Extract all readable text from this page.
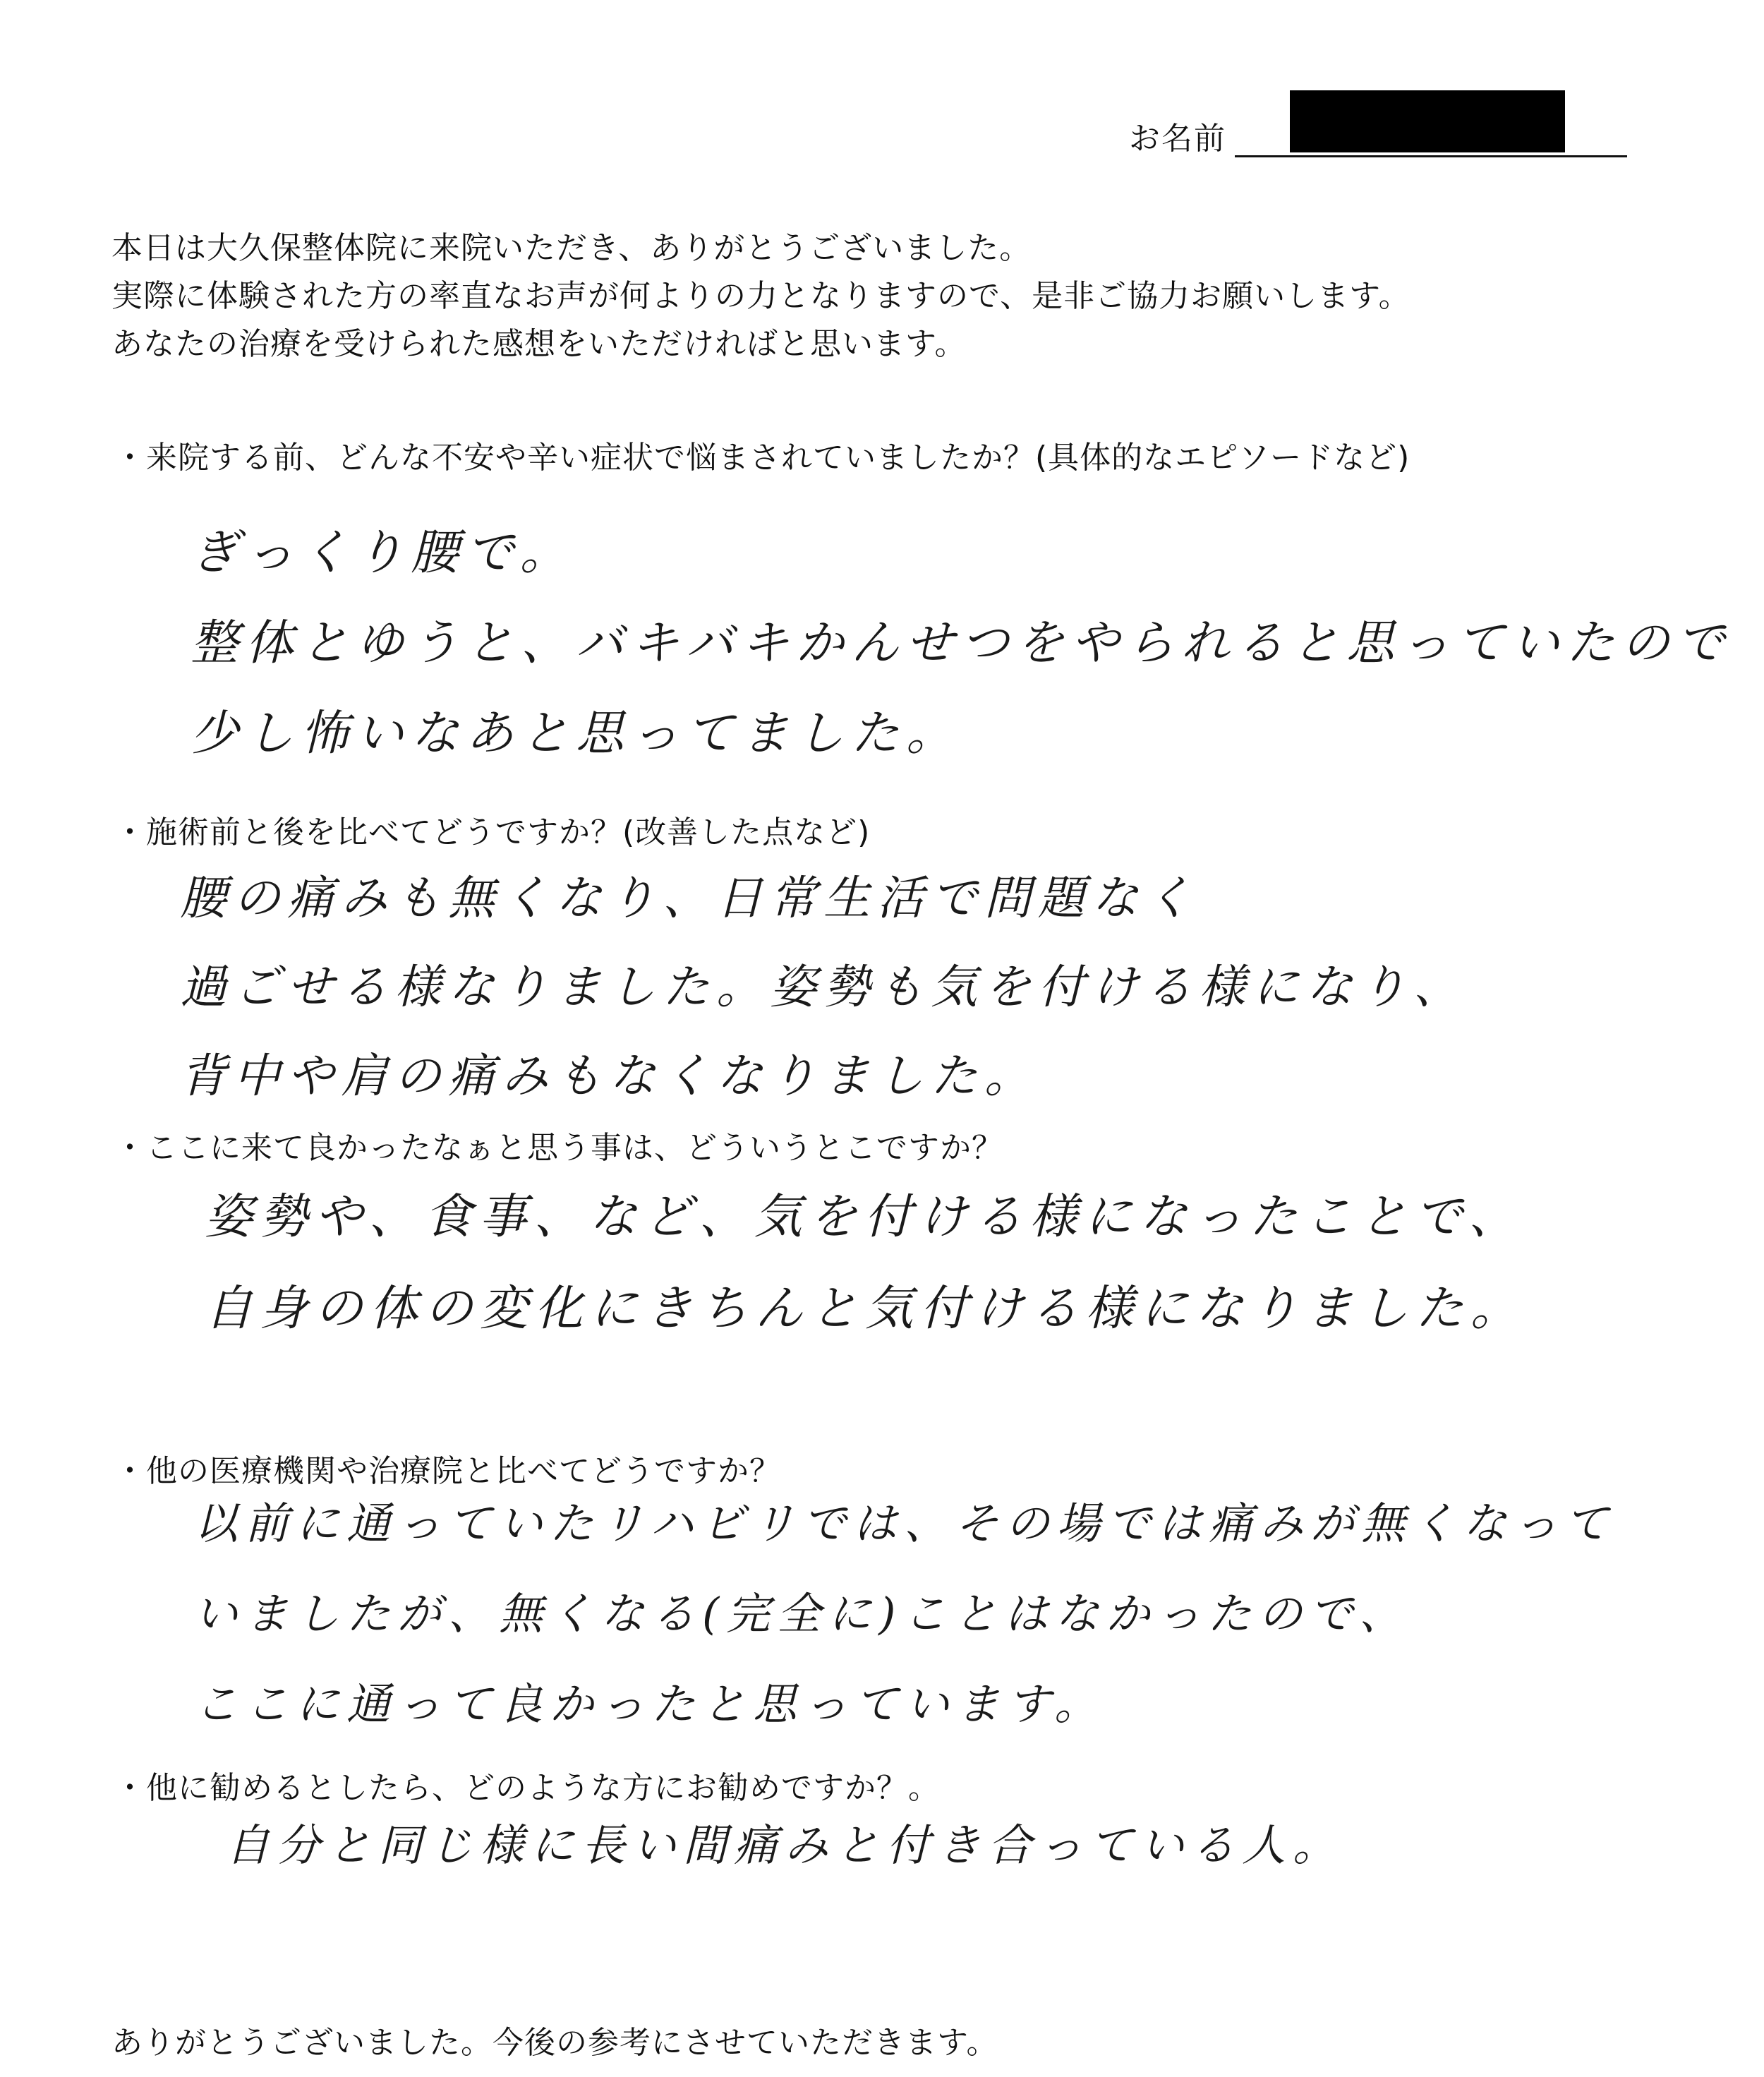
お名前

本日は大久保整体院に来院いただき、ありがとうございました。

実際に体験された方の率直なお声が何よりの力となりますので、是非ご協力お願いします。

あなたの治療を受けられた感想をいただければと思います。

・来院する前、どんな不安や辛い症状で悩まされていましたか？(具体的なエピソードなど)

ぎっくり腰で。

整体とゆうと、バキバキかんせつをやられると思っていたので

少し怖いなあと思ってました。

・施術前と後を比べてどうですか？(改善した点など)

腰の痛みも無くなり、日常生活で問題なく

過ごせる様なりました。姿勢も気を付ける様になり、

背中や肩の痛みもなくなりました。

・ここに来て良かったなぁと思う事は、どういうとこですか？

姿勢や、食事、など、気を付ける様になったことで、

自身の体の変化にきちんと気付ける様になりました。

・他の医療機関や治療院と比べてどうですか？

以前に通っていたリハビリでは、その場では痛みが無くなって

いましたが、無くなる(完全に)ことはなかったので、

ここに通って良かったと思っています。

・他に勧めるとしたら、どのような方にお勧めですか？。

自分と同じ様に長い間痛みと付き合っている人。

ありがとうございました。今後の参考にさせていただきます。
